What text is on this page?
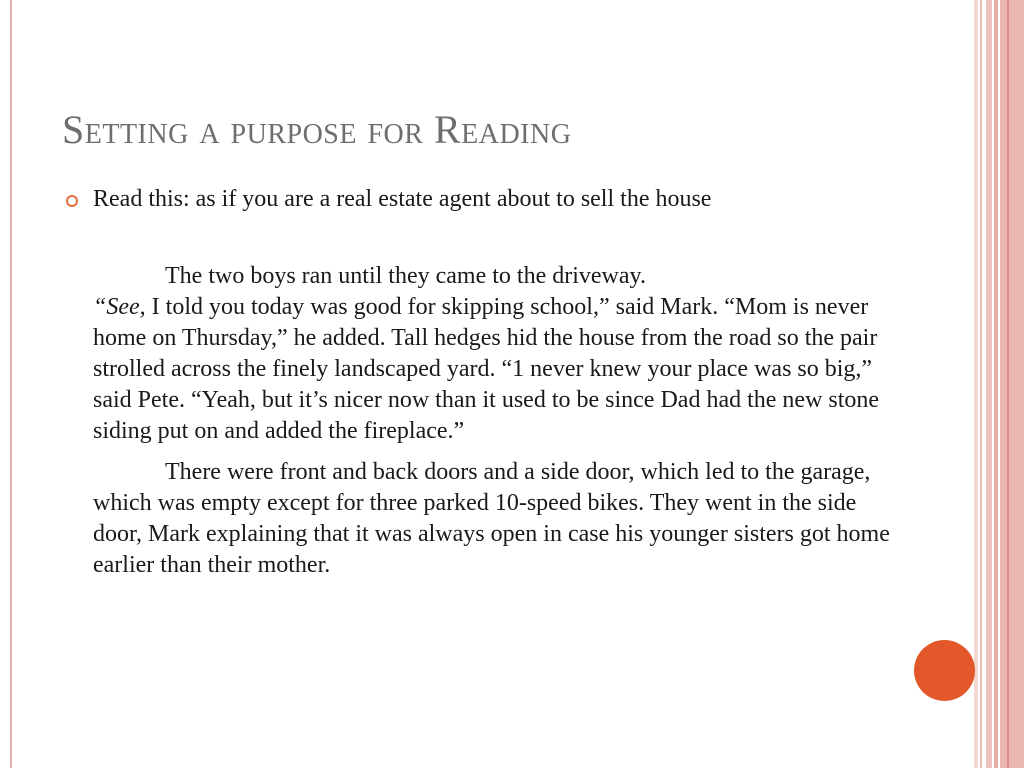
Setting a purpose for Reading

Read this: as if you are a real estate agent about to sell the house

The two boys ran until they came to the driveway.
“See, I told you today was good for skipping school,” said Mark. “Mom is never home on Thursday,” he added. Tall hedges hid the house from the road so the pair strolled across the finely landscaped yard. “1 never knew your place was so big,” said Pete. “Yeah, but it’s nicer now than it used to be since Dad had the new stone siding put on and added the fireplace.”

There were front and back doors and a side door, which led to the garage, which was empty except for three parked 10-speed bikes. They went in the side door, Mark explaining that it was always open in case his younger sisters got home earlier than their mother.
